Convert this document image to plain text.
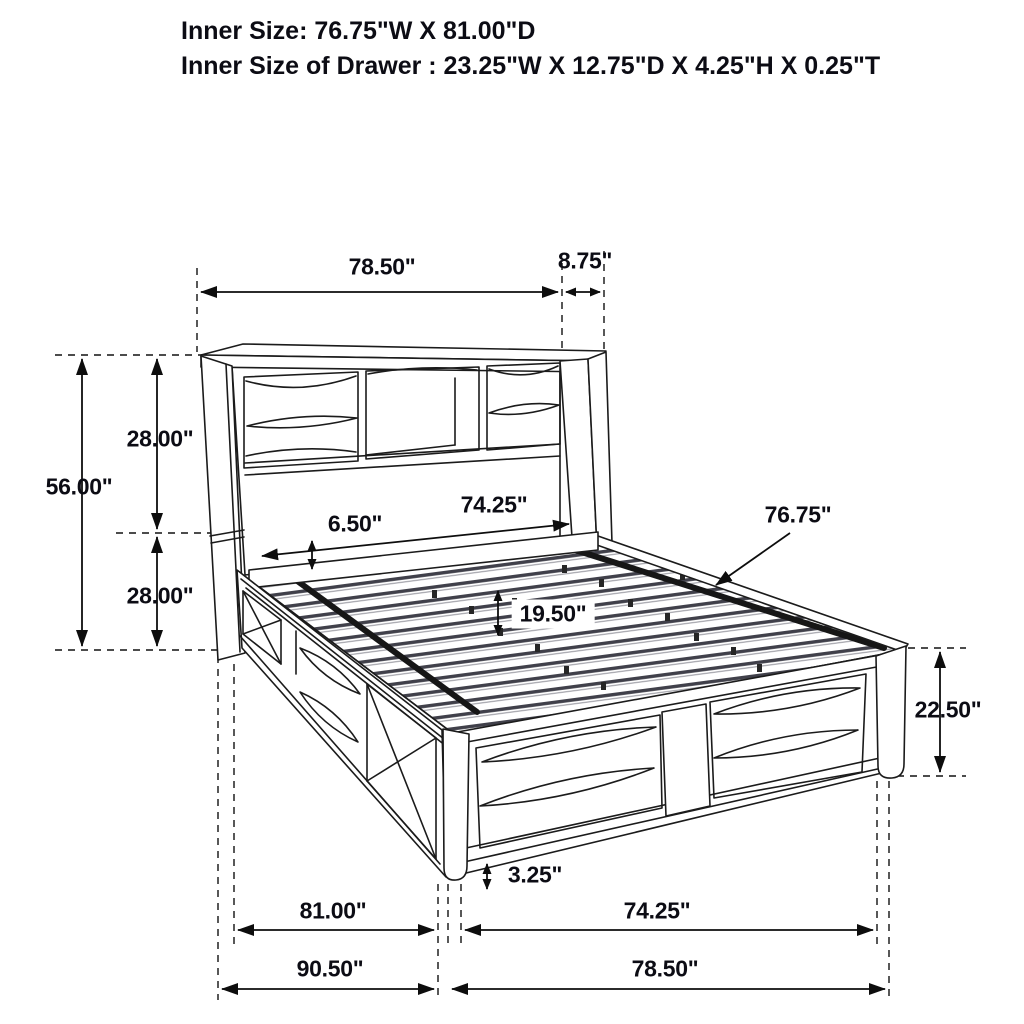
Inner Size: 76.75"W X 81.00"D
Inner Size of Drawer : 23.25"W X 12.75"D X 4.25"H X 0.25"T
78.50"	8.75"
56.00"
28.00"
28.00"
74.25"
6.50"	76.75"
19.50"
22.50"
3.25"
81.00"	74.25"
90.50"	78.50"
